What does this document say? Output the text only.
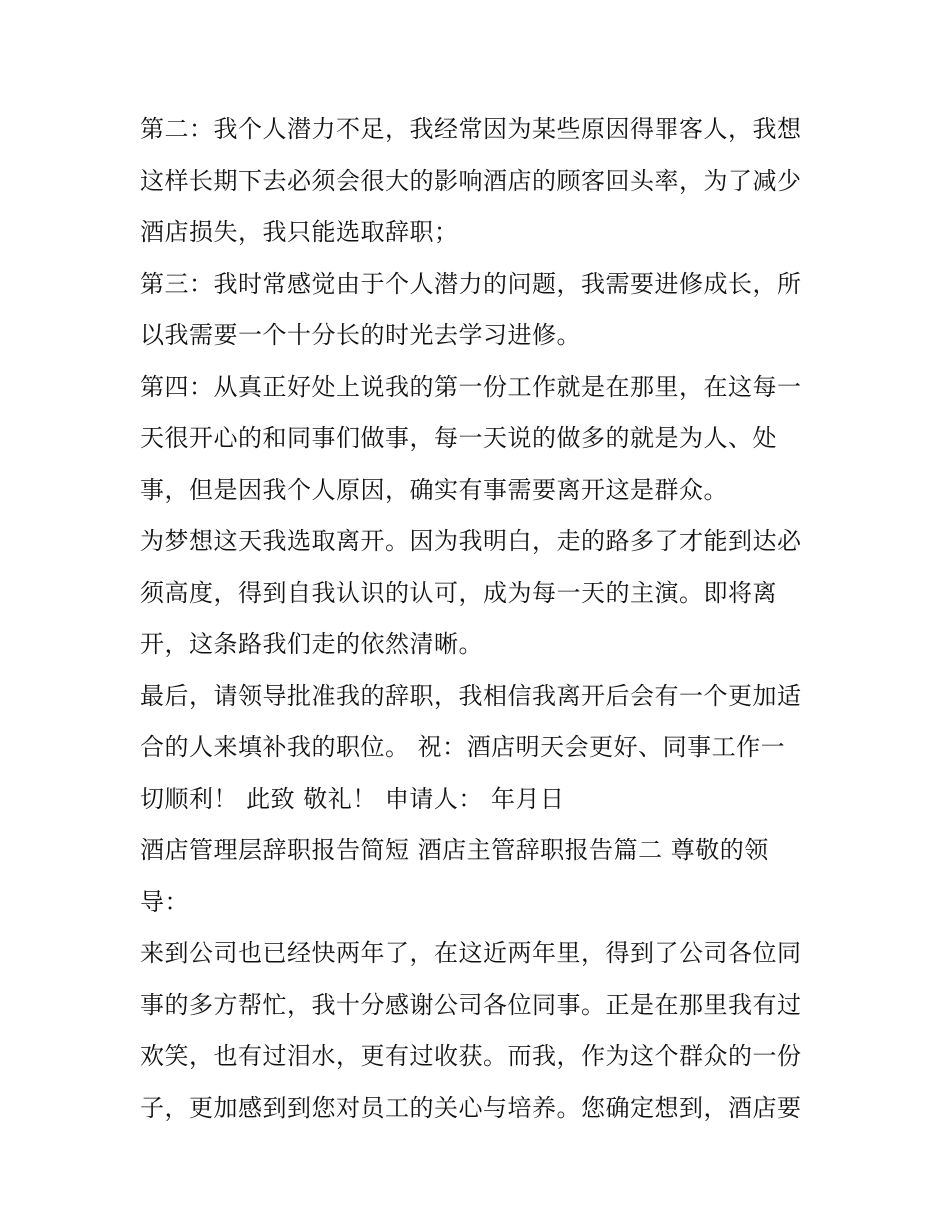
第二：我个人潜力不足，我经常因为某些原因得罪客人，我想
这样长期下去必须会很大的影响酒店的顾客回头率，为了减少
酒店损失，我只能选取辞职；
第三：我时常感觉由于个人潜力的问题，我需要进修成长，所
以我需要一个十分长的时光去学习进修。
第四：从真正好处上说我的第一份工作就是在那里，在这每一
天很开心的和同事们做事，每一天说的做多的就是为人、处
事，但是因我个人原因，确实有事需要离开这是群众。
为梦想这天我选取离开。因为我明白，走的路多了才能到达必
须高度，得到自我认识的认可，成为每一天的主演。即将离
开，这条路我们走的依然清晰。
最后，请领导批准我的辞职，我相信我离开后会有一个更加适
合的人来填补我的职位。 祝：酒店明天会更好、同事工作一
切顺利！ 此致 敬礼！ 申请人： 年月日
酒店管理层辞职报告简短 酒店主管辞职报告篇二 尊敬的领
导：
来到公司也已经快两年了，在这近两年里，得到了公司各位同
事的多方帮忙，我十分感谢公司各位同事。正是在那里我有过
欢笑，也有过泪水，更有过收获。而我，作为这个群众的一份
子，更加感到到您对员工的关心与培养。您确定想到，酒店要
